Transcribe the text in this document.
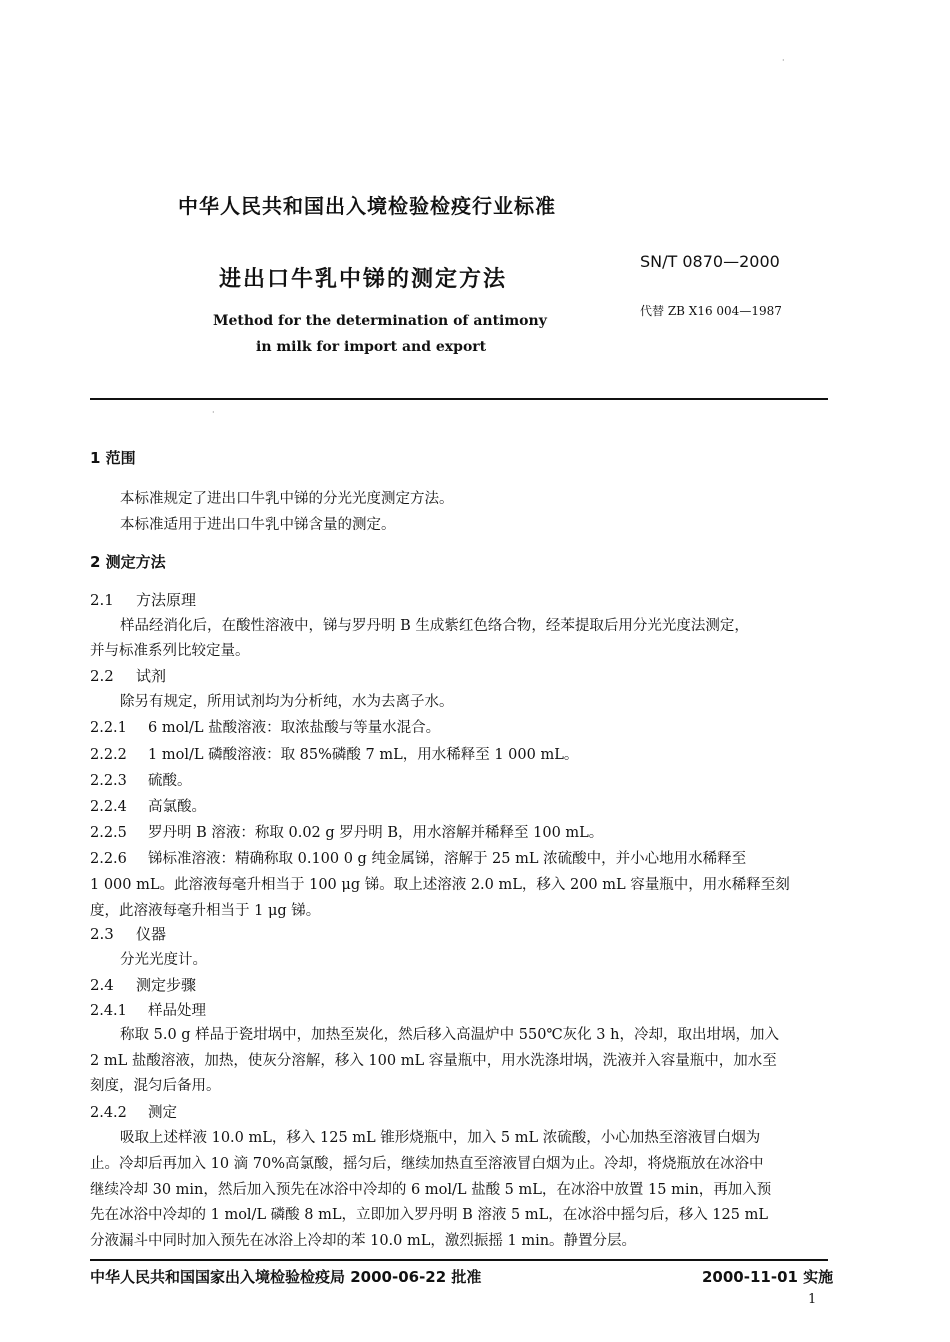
中华人民共和国出入境检验检疫行业标准
进出口牛乳中锑的测定方法
SN/T 0870—2000
代替 ZB X16 004—1987
Method for the determination of antimony
in milk for import and export
·
·
1 范围
本标准规定了进出口牛乳中锑的分光光度测定方法。
本标准适用于进出口牛乳中锑含量的测定。
2 测定方法
2.1 方法原理
样品经消化后，在酸性溶液中，锑与罗丹明 B 生成紫红色络合物，经苯提取后用分光光度法测定，
并与标准系列比较定量。
2.2 试剂
除另有规定，所用试剂均为分析纯，水为去离子水。
2.2.1 6 mol/L 盐酸溶液：取浓盐酸与等量水混合。
2.2.2 1 mol/L 磷酸溶液：取 85%磷酸 7 mL，用水稀释至 1 000 mL。
2.2.3 硫酸。
2.2.4 高氯酸。
2.2.5 罗丹明 B 溶液：称取 0.02 g 罗丹明 B，用水溶解并稀释至 100 mL。
2.2.6 锑标准溶液：精确称取 0.100 0 g 纯金属锑，溶解于 25 mL 浓硫酸中，并小心地用水稀释至
1 000 mL。此溶液每毫升相当于 100 μg 锑。取上述溶液 2.0 mL，移入 200 mL 容量瓶中，用水稀释至刻
度，此溶液每毫升相当于 1 μg 锑。
2.3 仪器
分光光度计。
2.4 测定步骤
2.4.1 样品处理
称取 5.0 g 样品于瓷坩埚中，加热至炭化，然后移入高温炉中 550℃灰化 3 h，冷却，取出坩埚，加入
2 mL 盐酸溶液，加热，使灰分溶解，移入 100 mL 容量瓶中，用水洗涤坩埚，洗液并入容量瓶中，加水至
刻度，混匀后备用。
2.4.2 测定
吸取上述样液 10.0 mL，移入 125 mL 锥形烧瓶中，加入 5 mL 浓硫酸，小心加热至溶液冒白烟为
止。冷却后再加入 10 滴 70%高氯酸，摇匀后，继续加热直至溶液冒白烟为止。冷却，将烧瓶放在冰浴中
继续冷却 30 min，然后加入预先在冰浴中冷却的 6 mol/L 盐酸 5 mL，在冰浴中放置 15 min，再加入预
先在冰浴中冷却的 1 mol/L 磷酸 8 mL，立即加入罗丹明 B 溶液 5 mL，在冰浴中摇匀后，移入 125 mL
分液漏斗中同时加入预先在冰浴上冷却的苯 10.0 mL，激烈振摇 1 min。静置分层。
中华人民共和国国家出入境检验检疫局 2000-06-22 批准	2000-11-01 实施
1
